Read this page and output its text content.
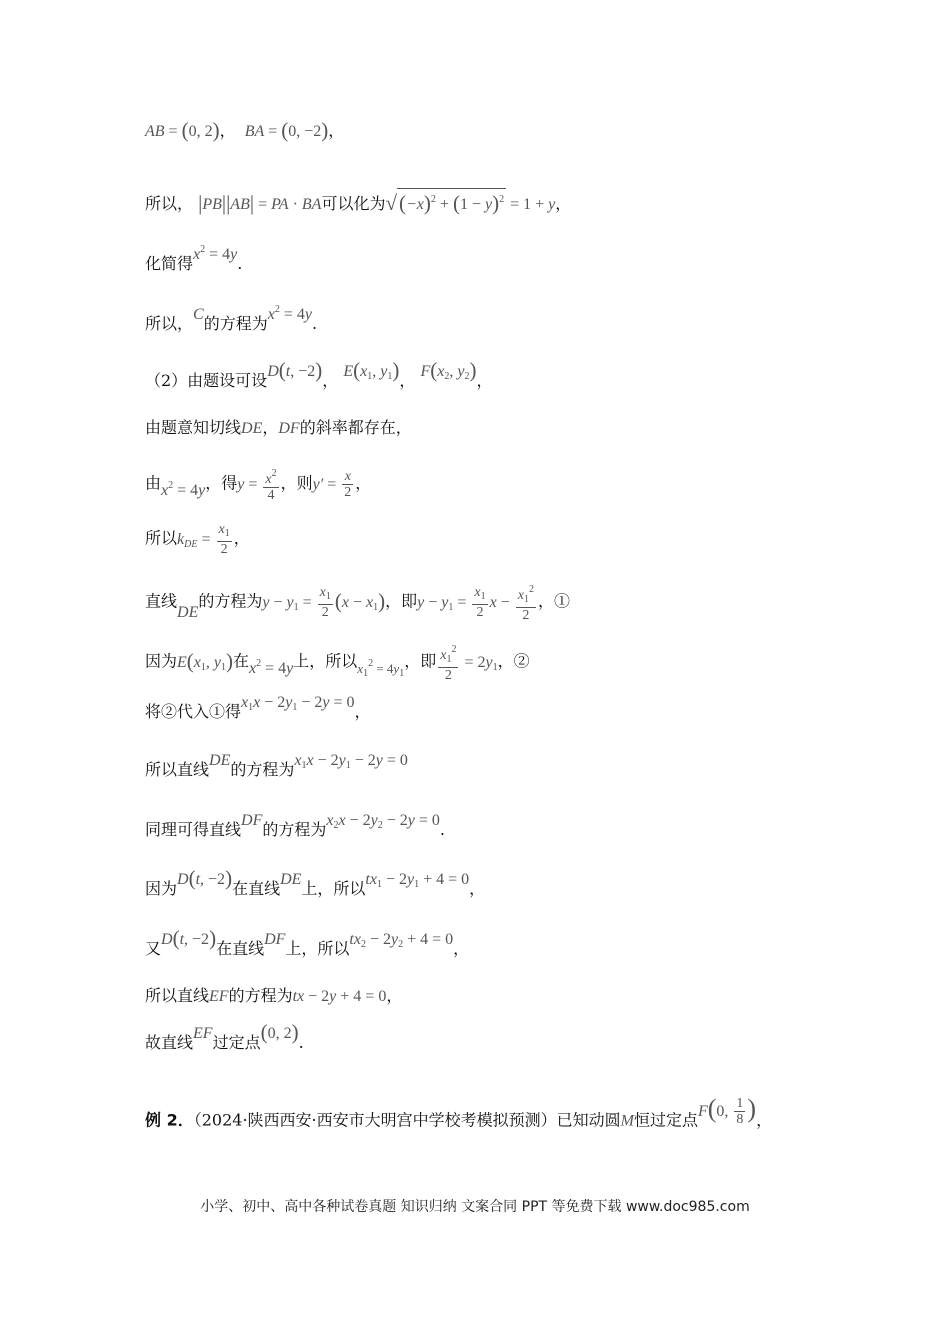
AB = (0, 2)，  BA = (0, −2)，
所以， |PB||AB| = PA · BA可以化为$√(-x)^2 + (1 - y)^2 = 1 + y$，
化简得$x^2 = 4y$.
所以，C的方程为$x^2 = 4y$.
（2）由题设可设D(t, −2)， $E(x_1$, $y_1$)， $F(x_2$, $y_2$)，
由题意知切线DE，DF的斜率都存在，
由$x^2 = 4y$，得$y = \frac{x^2}{4}$ ，则$y' = \frac{x}{2}$ ，
所以$k_{DE} = \frac{x_1}{2}$ ，
直线DE的方程为$y - y_1 = \frac{x_1}{2} (x - x_1)$，即$y - y_1 = \frac{x_1}{2}$ $x - \frac{x_1^2}{2}$ ，①
因为$E(x_1$, $y_1$)在$x^2 = 4y$上，所以$_{x_1^2 = 4y_1}$，即 $\frac{x_1^2}{2} = 2y_1$，②
将②代入①得$x_1x - 2y_1 - 2y = 0$，
所以直线DE的方程为$x_1x - 2y_1 - 2y = 0$
同理可得直线DF的方程为$x_2x - 2y_2 - 2y = 0$.
因为D(t, −2)在直线DE上，所以$tx_1 - 2y_1 + 4 = 0$，
又D(t, −2)在直线DF上，所以$tx_2 - 2y_2 + 4 = 0$，
所以直线EF的方程为tx − 2y + 4 = 0，
故直线EF过定点(0, 2).
例 2．（2024·陕西西安·西安市大明宫中学校考模拟预测）已知动圆M恒过定点F(0, $\frac{1}{8}$ )，
小学、初中、高中各种试卷真题 知识归纳 文案合同 PPT 等免费下载 www.doc985.com
